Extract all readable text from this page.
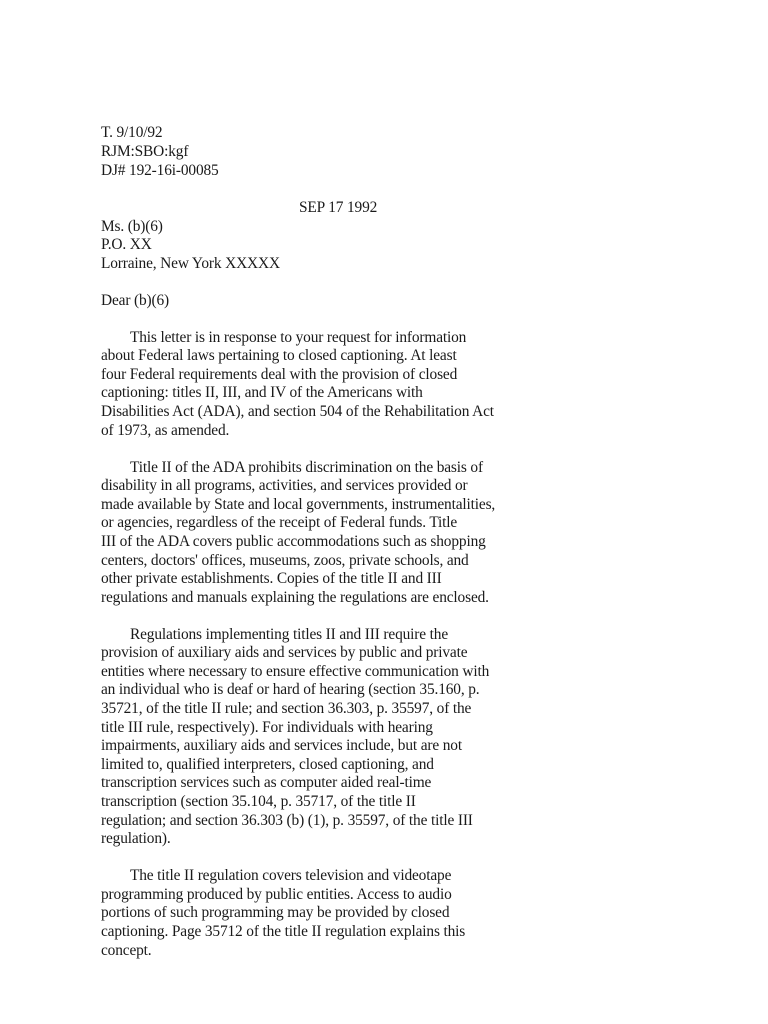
T. 9/10/92
RJM:SBO:kgf
DJ# 192-16i-00085
SEP 17 1992
Ms. (b)(6)
P.O. XX
Lorraine, New York XXXXX
Dear (b)(6)
This letter is in response to your request for information
about Federal laws pertaining to closed captioning. At least
four Federal requirements deal with the provision of closed
captioning: titles II, III, and IV of the Americans with
Disabilities Act (ADA), and section 504 of the Rehabilitation Act
of 1973, as amended.
Title II of the ADA prohibits discrimination on the basis of
disability in all programs, activities, and services provided or
made available by State and local governments, instrumentalities,
or agencies, regardless of the receipt of Federal funds. Title
III of the ADA covers public accommodations such as shopping
centers, doctors' offices, museums, zoos, private schools, and
other private establishments. Copies of the title II and III
regulations and manuals explaining the regulations are enclosed.
Regulations implementing titles II and III require the
provision of auxiliary aids and services by public and private
entities where necessary to ensure effective communication with
an individual who is deaf or hard of hearing (section 35.160, p.
35721, of the title II rule; and section 36.303, p. 35597, of the
title III rule, respectively). For individuals with hearing
impairments, auxiliary aids and services include, but are not
limited to, qualified interpreters, closed captioning, and
transcription services such as computer aided real-time
transcription (section 35.104, p. 35717, of the title II
regulation; and section 36.303 (b) (1), p. 35597, of the title III
regulation).
The title II regulation covers television and videotape
programming produced by public entities. Access to audio
portions of such programming may be provided by closed
captioning. Page 35712 of the title II regulation explains this
concept.
